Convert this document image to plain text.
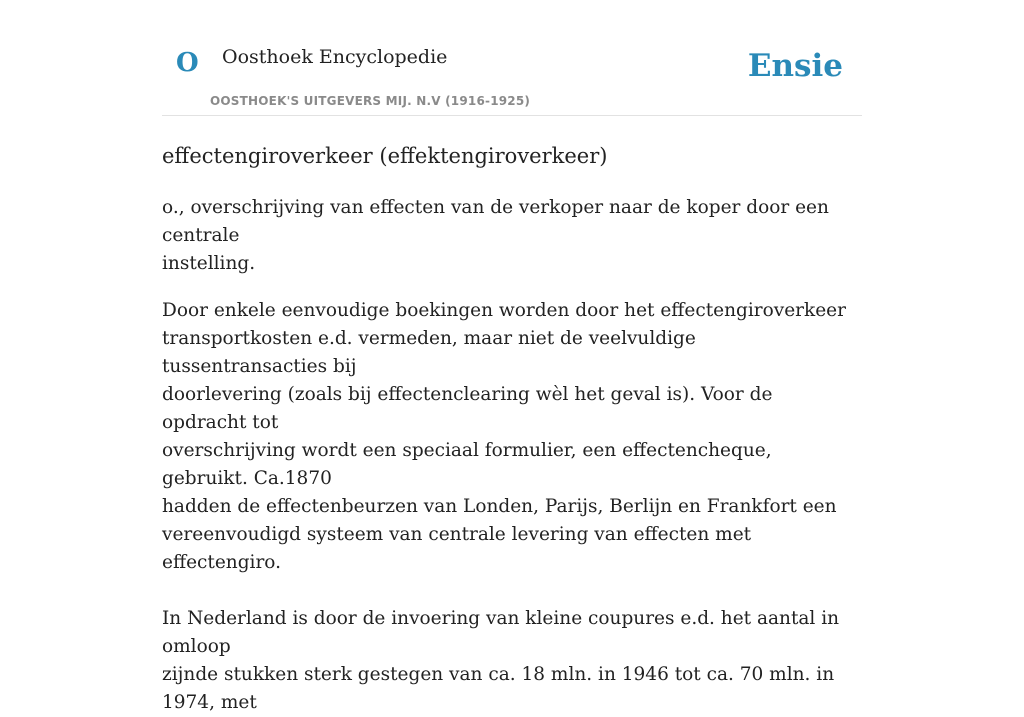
O Oosthoek Encyclopedie
OOSTHOEK'S UITGEVERS MIJ. N.V (1916-1925)
Ensie
effectengiroverkeer (effektengiroverkeer)

o., overschrijving van effecten van de verkoper naar de koper door een centrale
instelling.

Door enkele eenvoudige boekingen worden door het effectengiroverkeer
transportkosten e.d. vermeden, maar niet de veelvuldige tussentransacties bij
doorlevering (zoals bij effectenclearing wèl het geval is). Voor de opdracht tot
overschrijving wordt een speciaal formulier, een effectencheque, gebruikt. Ca.1870
hadden de effectenbeurzen van Londen, Parijs, Berlijn en Frankfort een
vereenvoudigd systeem van centrale levering van effecten met effectengiro.

In Nederland is door de invoering van kleine coupures e.d. het aantal in omloop
zijnde stukken sterk gestegen van ca. 18 mln. in 1946 tot ca. 70 mln. in 1974, met
